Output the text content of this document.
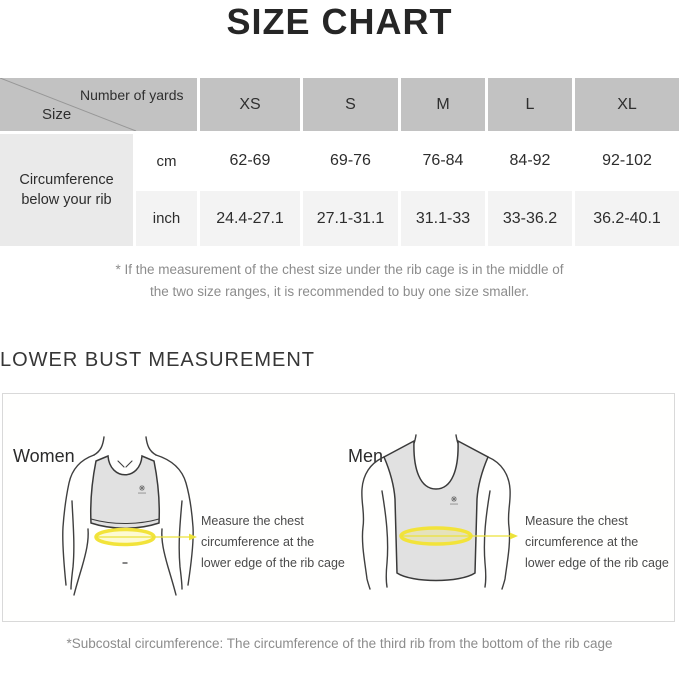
SIZE CHART
Number of yards
Size
XS	S	M	L	XL
Circumference below your rib
cm	62-69	69-76	76-84	84-92	92-102
inch	24.4-27.1	27.1-31.1	31.1-33	33-36.2	36.2-40.1
* If the measurement of the chest size under the rib cage is in the middle of
the two size ranges, it is recommended to buy one size smaller.
LOWER BUST MEASUREMENT
Women
Measure the chest
circumference at the
lower edge of the rib cage
Men
Measure the chest
circumference at the
lower edge of the rib cage
*Subcostal circumference: The circumference of the third rib from the bottom of the rib cage
